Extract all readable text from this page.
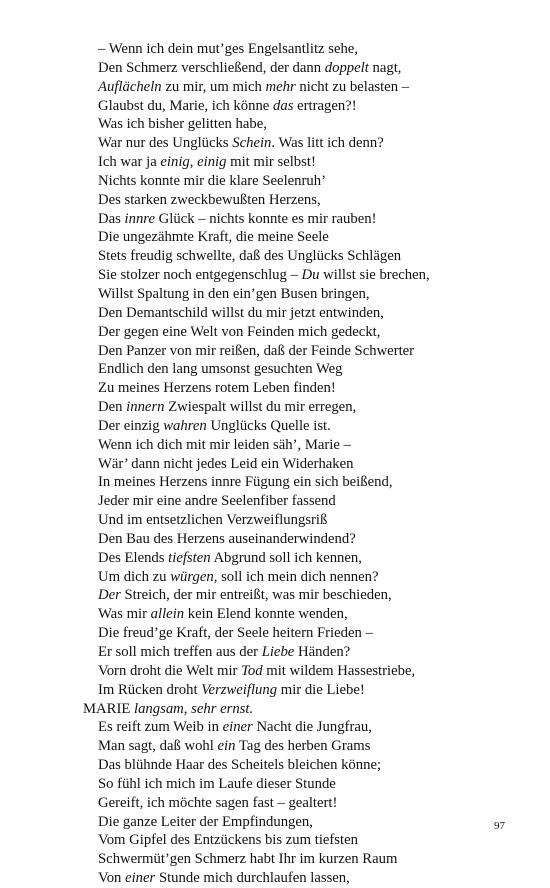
– Wenn ich dein mut’ges Engelsantlitz sehe,
Den Schmerz verschließend, der dann doppelt nagt,
Auflächeln zu mir, um mich mehr nicht zu belasten –
Glaubst du, Marie, ich könne das ertragen?!
Was ich bisher gelitten habe,
War nur des Unglücks Schein. Was litt ich denn?
Ich war ja einig, einig mit mir selbst!
Nichts konnte mir die klare Seelenruh’
Des starken zweckbewußten Herzens,
Das innre Glück – nichts konnte es mir rauben!
Die ungezähmte Kraft, die meine Seele
Stets freudig schwellte, daß des Unglücks Schlägen
Sie stolzer noch entgegenschlug – Du willst sie brechen,
Willst Spaltung in den ein’gen Busen bringen,
Den Demantschild willst du mir jetzt entwinden,
Der gegen eine Welt von Feinden mich gedeckt,
Den Panzer von mir reißen, daß der Feinde Schwerter
Endlich den lang umsonst gesuchten Weg
Zu meines Herzens rotem Leben finden!
Den innern Zwiespalt willst du mir erregen,
Der einzig wahren Unglücks Quelle ist.
Wenn ich dich mit mir leiden säh’, Marie –
Wär’ dann nicht jedes Leid ein Widerhaken
In meines Herzens innre Fügung ein sich beißend,
Jeder mir eine andre Seelenfiber fassend
Und im entsetzlichen Verzweiflungsriß
Den Bau des Herzens auseinanderwindend?
Des Elends tiefsten Abgrund soll ich kennen,
Um dich zu würgen, soll ich mein dich nennen?
Der Streich, der mir entreißt, was mir beschieden,
Was mir allein kein Elend konnte wenden,
Die freud’ge Kraft, der Seele heitern Frieden –
Er soll mich treffen aus der Liebe Händen?
Vorn droht die Welt mir Tod mit wildem Hassestriebe,
Im Rücken droht Verzweiflung mir die Liebe!
MARIE langsam, sehr ernst.
Es reift zum Weib in einer Nacht die Jungfrau,
Man sagt, daß wohl ein Tag des herben Grams
Das blühnde Haar des Scheitels bleichen könne;
So fühl ich mich im Laufe dieser Stunde
Gereift, ich möchte sagen fast – gealtert!
Die ganze Leiter der Empfindungen,
Vom Gipfel des Entzückens bis zum tiefsten
Schwermüt’gen Schmerz habt Ihr im kurzen Raum
Von einer Stunde mich durchlaufen lassen,
97
